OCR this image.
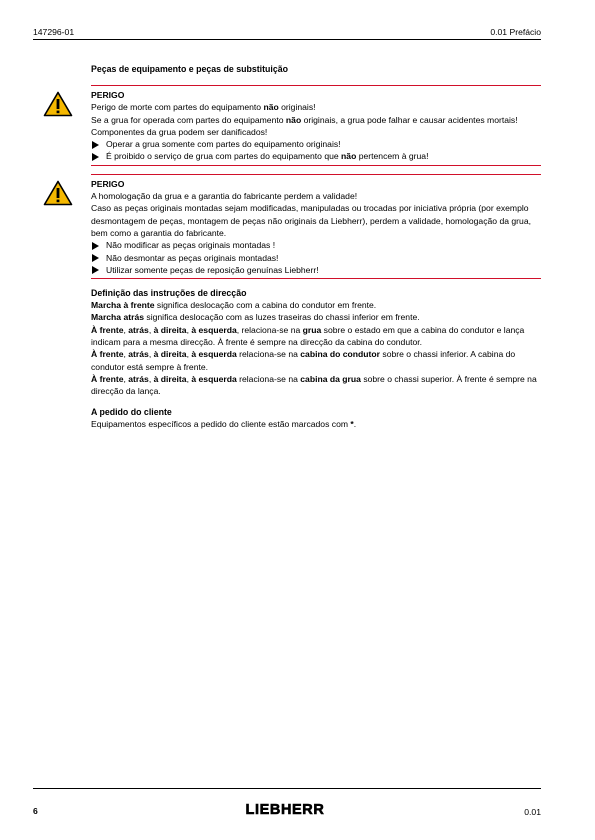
147296-01	0.01 Prefácio
Peças de equipamento e peças de substituição
PERIGO
Perigo de morte com partes do equipamento não originais!
Se a grua for operada com partes do equipamento não originais, a grua pode falhar e causar acidentes mortais!
Componentes da grua podem ser danificados!
Operar a grua somente com partes do equipamento originais!
É proibido o serviço de grua com partes do equipamento que não pertencem à grua!
PERIGO
A homologação da grua e a garantia do fabricante perdem a validade!
Caso as peças originais montadas sejam modificadas, manipuladas ou trocadas por iniciativa própria (por exemplo desmontagem de peças, montagem de peças não originais da Liebherr), perdem a validade, homologação da grua, bem como a garantia do fabricante.
Não modificar as peças originais montadas !
Não desmontar as peças originais montadas!
Utilizar somente peças de reposição genuínas Liebherr!
Definição das instruções de direcção
Marcha à frente significa deslocação com a cabina do condutor em frente.
Marcha atrás significa deslocação com as luzes traseiras do chassi inferior em frente.
À frente, atrás, à direita, à esquerda, relaciona-se na grua sobre o estado em que a cabina do condutor e lança indicam para a mesma direcção. À frente é sempre na direcção da cabina do condutor.
À frente, atrás, à direita, à esquerda relaciona-se na cabina do condutor sobre o chassi inferior. A cabina do condutor está sempre à frente.
À frente, atrás, à direita, à esquerda relaciona-se na cabina da grua sobre o chassi superior. À frente é sempre na direcção da lança.
A pedido do cliente
Equipamentos específicos a pedido do cliente estão marcados com *.
6	LIEBHERR	0.01
